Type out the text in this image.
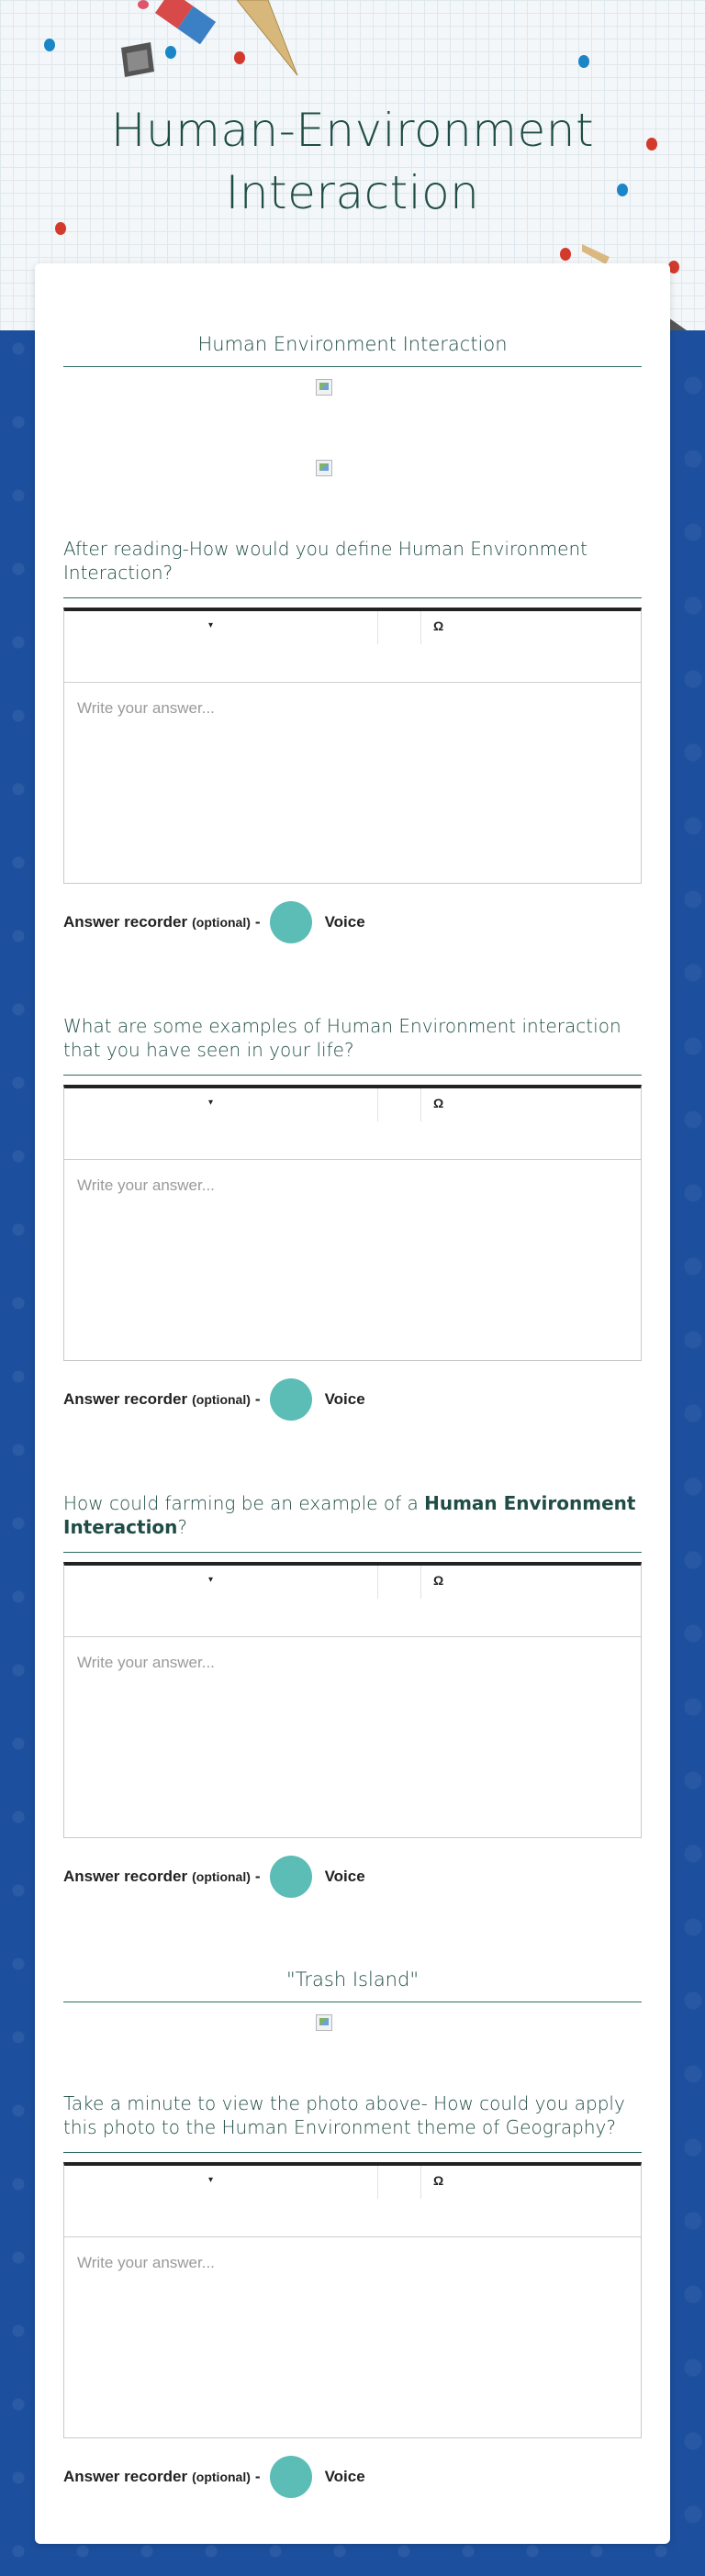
Human-Environment
Interaction
Human Environment Interaction
After reading-How would you define Human Environment Interaction?
▾	Ω
Write your answer...
Answer recorder (optional) -	Voice
What are some examples of Human Environment interaction that you have seen in your life?
▾	Ω
Write your answer...
Answer recorder (optional) -	Voice
How could farming be an example of a Human Environment Interaction?
▾	Ω
Write your answer...
Answer recorder (optional) -	Voice
"Trash Island"
Take a minute to view the photo above- How could you apply this photo to the Human Environment theme of Geography?
▾	Ω
Write your answer...
Answer recorder (optional) -	Voice
